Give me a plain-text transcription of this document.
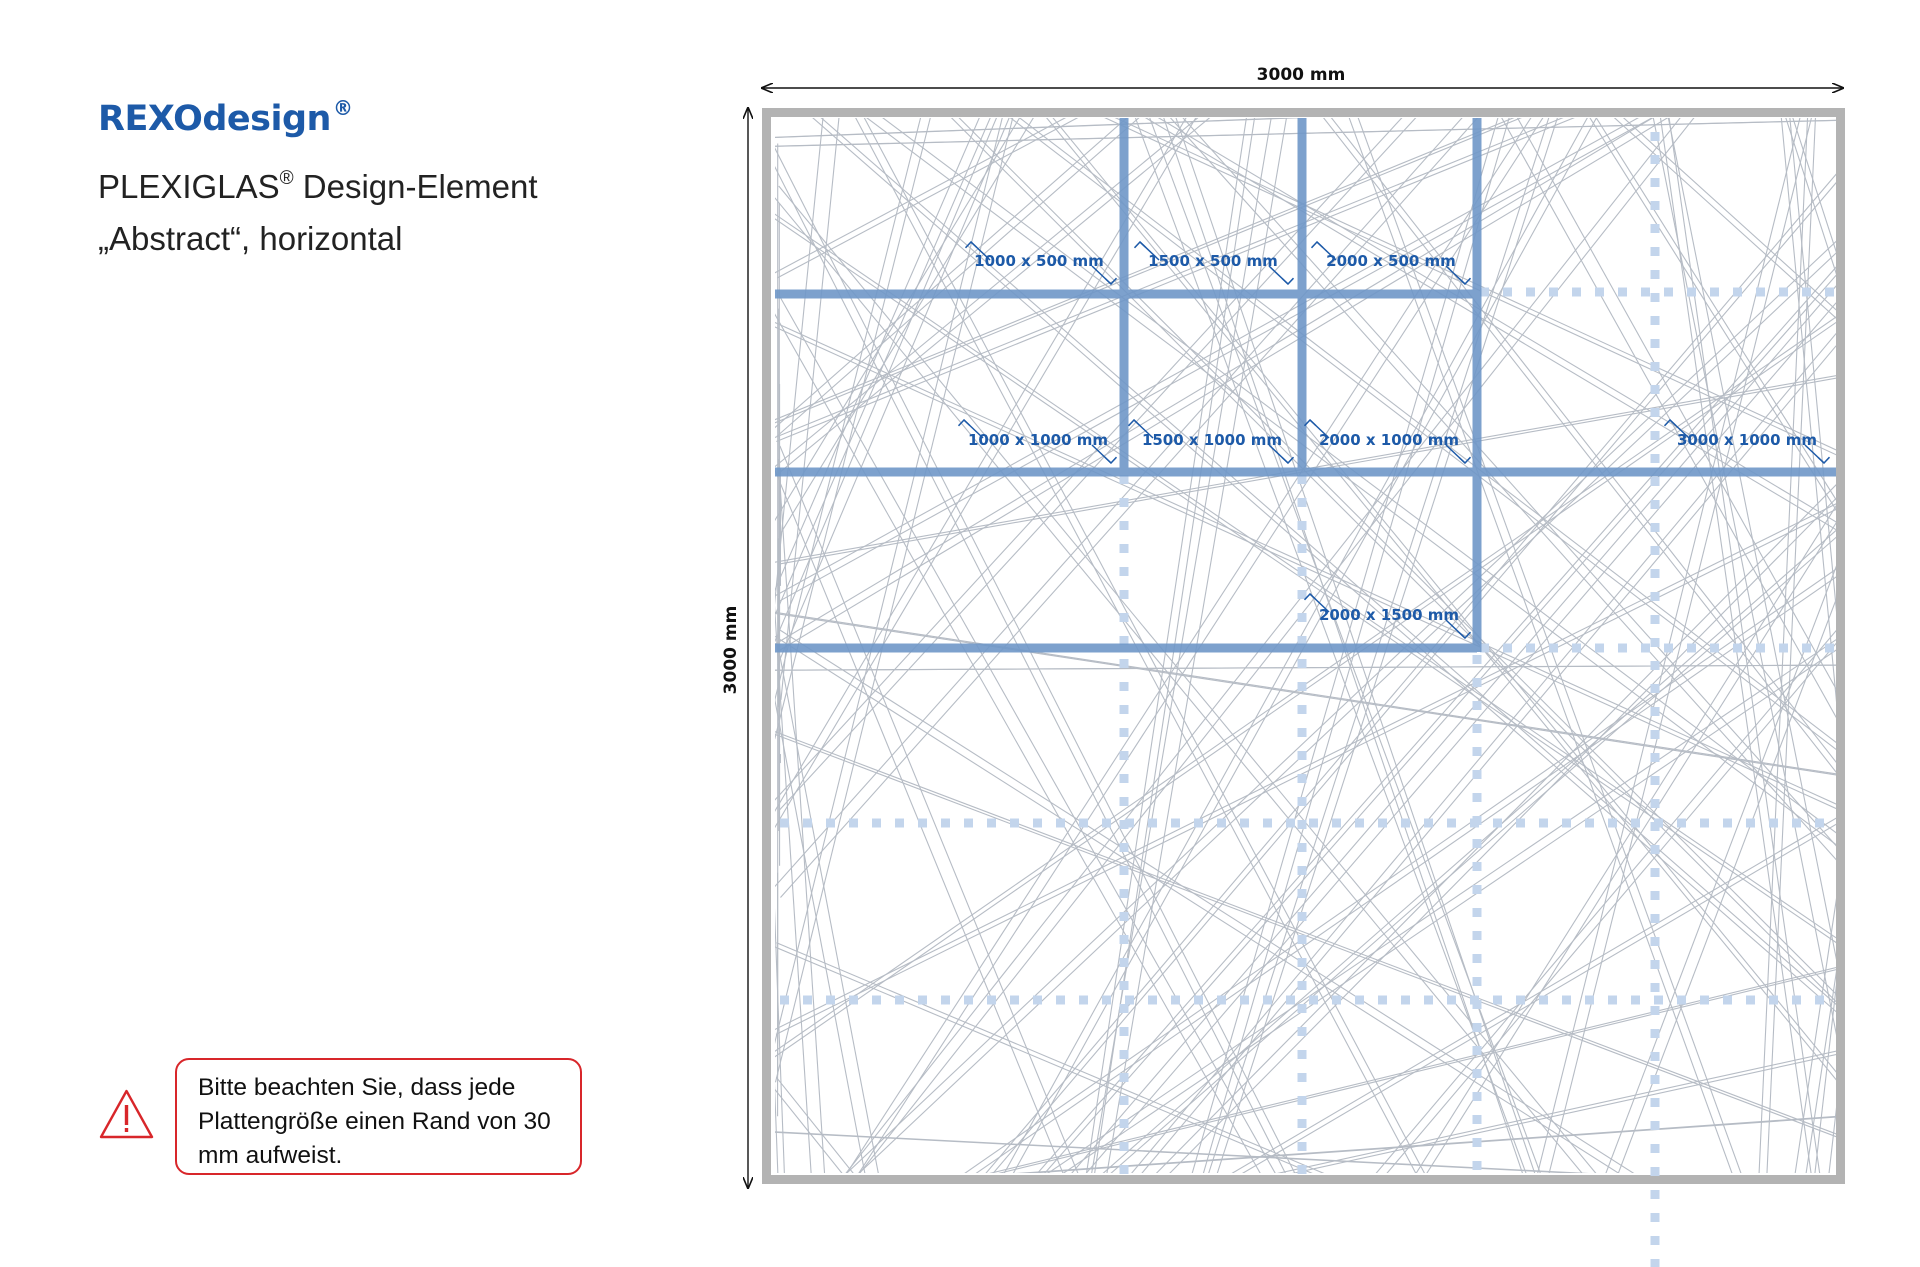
REXOdesign ®

PLEXIGLAS® Design-Element

„Abstract“, horizontal

Bitte beachten Sie, dass jede Plattengröße einen Rand von 30 mm aufweist.
3000 mm
3000 mm
1000 x 500 mm	1500 x 500 mm	2000 x 500 mm
1000 x 1000 mm 1500 x 1000 mm 2000 x 1000 mm	3000 x 1000 mm
2000 x 1500 mm
